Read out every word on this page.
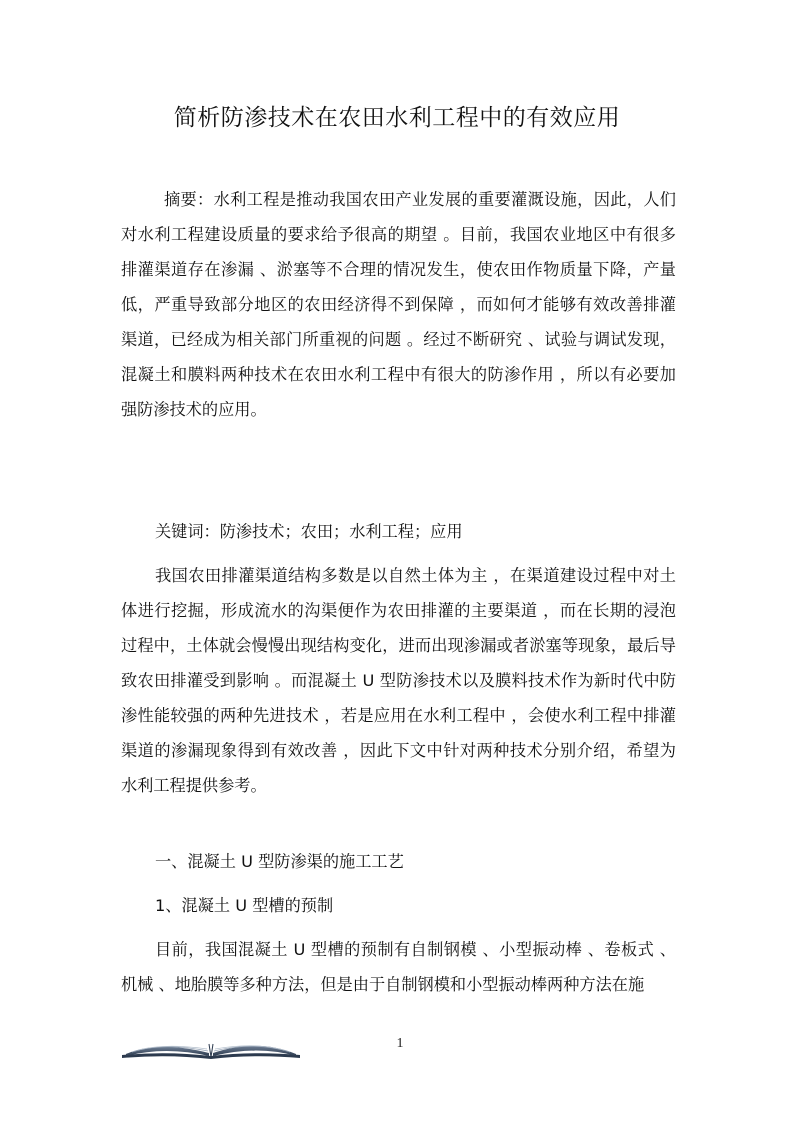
简析防渗技术在农田水利工程中的有效应用

摘要：水利工程是推动我国农田产业发展的重要灌溉设施，因此，人们对水利工程建设质量的要求给予很高的期望 。目前，我国农业地区中有很多排灌渠道存在渗漏 、淤塞等不合理的情况发生，使农田作物质量下降，产量低，严重导致部分地区的农田经济得不到保障 ，而如何才能够有效改善排灌渠道，已经成为相关部门所重视的问题 。经过不断研究 、试验与调试发现，混凝土和膜料两种技术在农田水利工程中有很大的防渗作用 ，所以有必要加强防渗技术的应用。

关键词：防渗技术；农田；水利工程；应用

我国农田排灌渠道结构多数是以自然土体为主 ，在渠道建设过程中对土体进行挖掘，形成流水的沟渠便作为农田排灌的主要渠道 ，而在长期的浸泡过程中，土体就会慢慢出现结构变化，进而出现渗漏或者淤塞等现象，最后导致农田排灌受到影响 。而混凝土 U 型防渗技术以及膜料技术作为新时代中防渗性能较强的两种先进技术 ，若是应用在水利工程中 ，会使水利工程中排灌渠道的渗漏现象得到有效改善 ，因此下文中针对两种技术分别介绍，希望为水利工程提供参考。

一、混凝土 U 型防渗渠的施工工艺

1、混凝土 U 型槽的预制

目前，我国混凝土 U 型槽的预制有自制钢模 、小型振动棒 、卷板式 、机械 、地胎膜等多种方法，但是由于自制钢模和小型振动棒两种方法在施

1
